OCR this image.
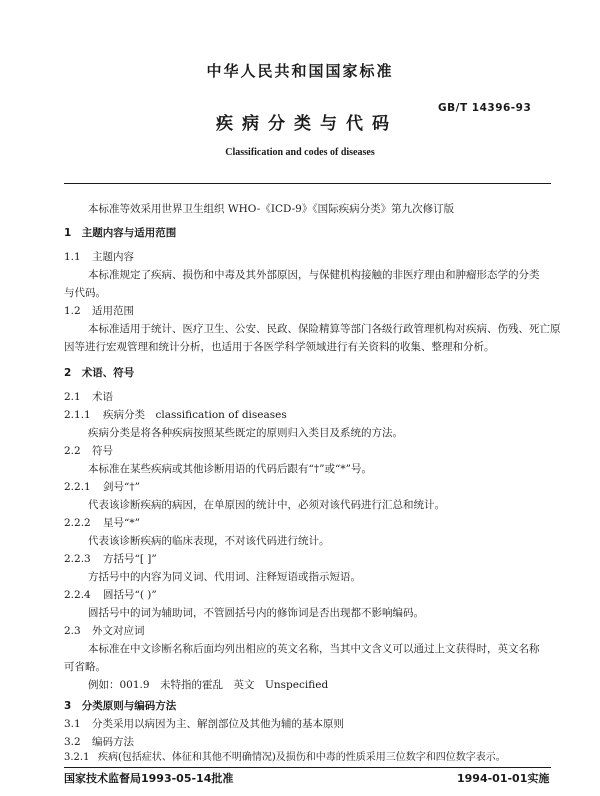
中华人民共和国国家标准
GB/T 14396-93
疾病分类与代码
Classification and codes of diseases
本标准等效采用世界卫生组织 WHO-《ICD-9》《国际疾病分类》第九次修订版
1　主题内容与适用范围
1.1 主题内容
本标准规定了疾病、损伤和中毒及其外部原因，与保健机构接触的非医疗理由和肿瘤形态学的分类
与代码。
1.2 适用范围
本标准适用于统计、医疗卫生、公安、民政、保险精算等部门各级行政管理机构对疾病、伤残、死亡原
因等进行宏观管理和统计分析，也适用于各医学科学领域进行有关资料的收集、整理和分析。
2　术语、符号
2.1 术语
2.1.1 疾病分类　classification of diseases
疾病分类是将各种疾病按照某些既定的原则归入类目及系统的方法。
2.2 符号
本标准在某些疾病或其他诊断用语的代码后跟有“†”或“*”号。
2.2.1 剑号“†”
代表该诊断疾病的病因，在单原因的统计中，必须对该代码进行汇总和统计。
2.2.2 星号“*”
代表该诊断疾病的临床表现，不对该代码进行统计。
2.2.3 方括号“[ ]”
方括号中的内容为同义词、代用词、注释短语或指示短语。
2.2.4 圆括号“( )”
圆括号中的词为辅助词，不管圆括号内的修饰词是否出现都不影响编码。
2.3 外文对应词
本标准在中文诊断名称后面均列出相应的英文名称，当其中文含义可以通过上文获得时，英文名称
可省略。
例如：001.9　未特指的霍乱　英文　Unspecified
3　分类原则与编码方法
3.1 分类采用以病因为主、解剖部位及其他为辅的基本原则
3.2 编码方法
3.2.1 疾病(包括症状、体征和其他不明确情况)及损伤和中毒的性质采用三位数字和四位数字表示。
国家技术监督局1993-05-14批准	1994-01-01实施
